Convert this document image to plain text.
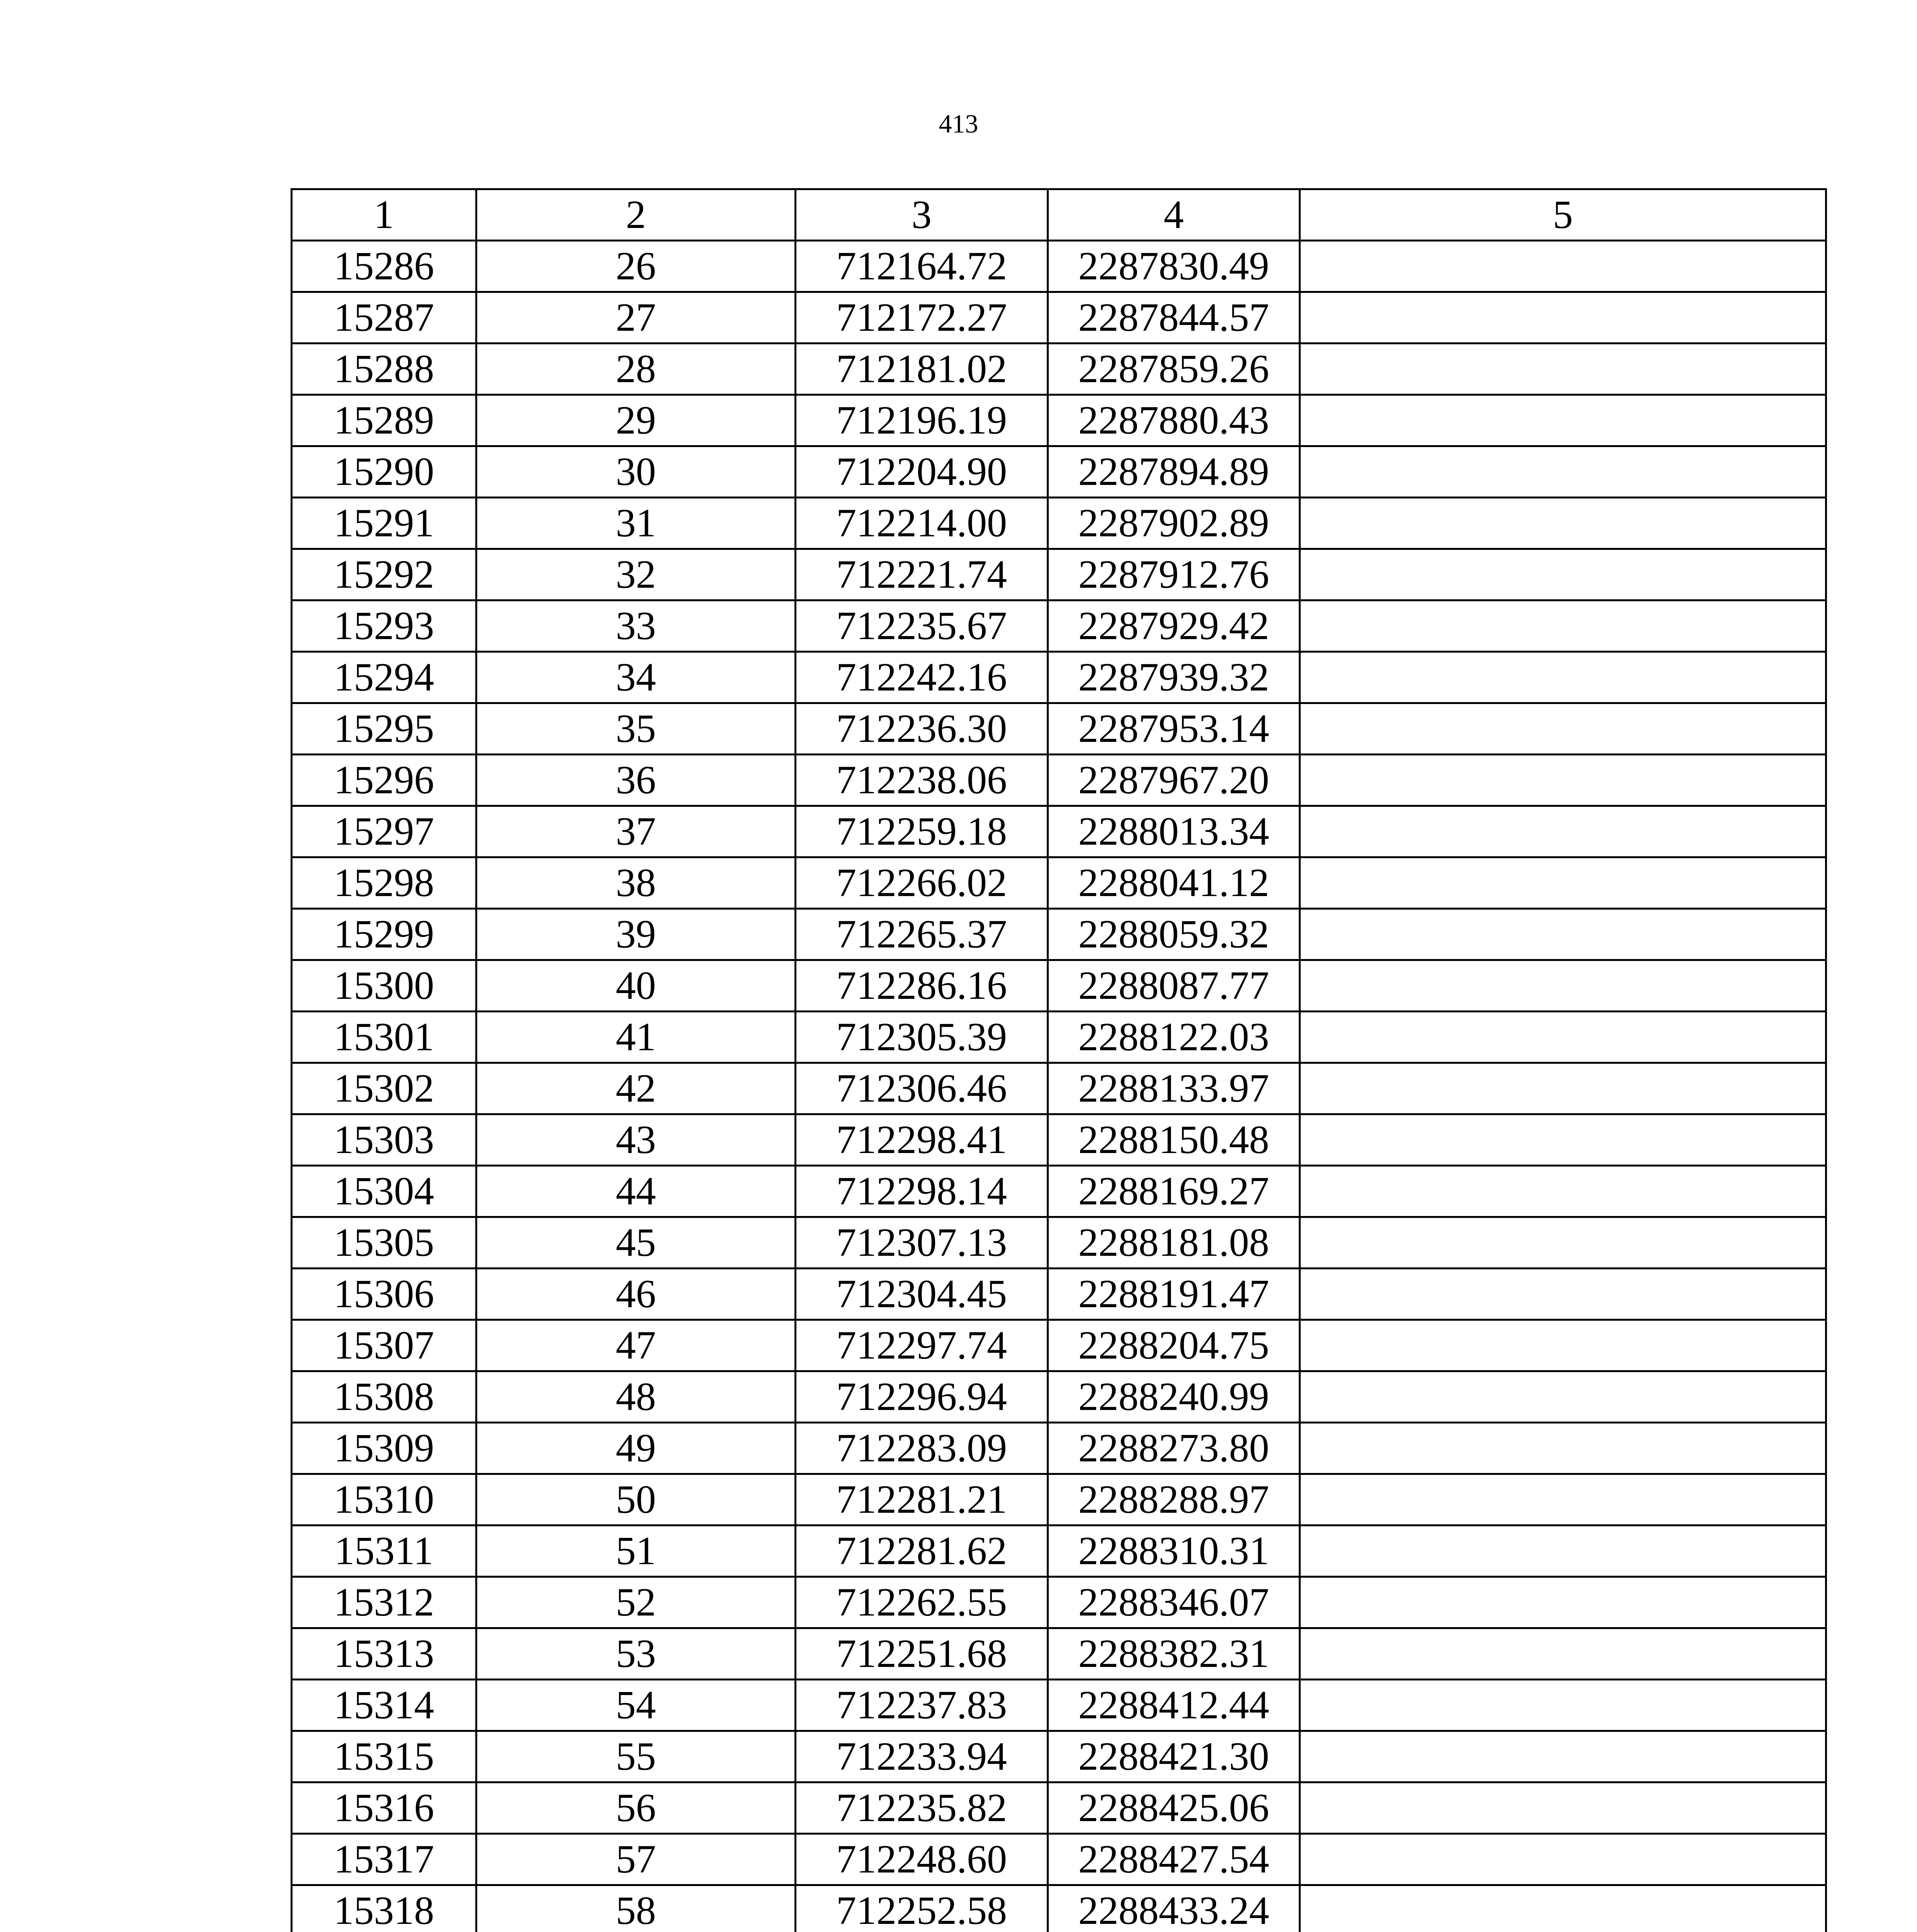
413
1	2	3	4	5
15286	26	712164.72	2287830.49	
15287	27	712172.27	2287844.57	
15288	28	712181.02	2287859.26	
15289	29	712196.19	2287880.43	
15290	30	712204.90	2287894.89	
15291	31	712214.00	2287902.89	
15292	32	712221.74	2287912.76	
15293	33	712235.67	2287929.42	
15294	34	712242.16	2287939.32	
15295	35	712236.30	2287953.14	
15296	36	712238.06	2287967.20	
15297	37	712259.18	2288013.34	
15298	38	712266.02	2288041.12	
15299	39	712265.37	2288059.32	
15300	40	712286.16	2288087.77	
15301	41	712305.39	2288122.03	
15302	42	712306.46	2288133.97	
15303	43	712298.41	2288150.48	
15304	44	712298.14	2288169.27	
15305	45	712307.13	2288181.08	
15306	46	712304.45	2288191.47	
15307	47	712297.74	2288204.75	
15308	48	712296.94	2288240.99	
15309	49	712283.09	2288273.80	
15310	50	712281.21	2288288.97	
15311	51	712281.62	2288310.31	
15312	52	712262.55	2288346.07	
15313	53	712251.68	2288382.31	
15314	54	712237.83	2288412.44	
15315	55	712233.94	2288421.30	
15316	56	712235.82	2288425.06	
15317	57	712248.60	2288427.54	
15318	58	712252.58	2288433.24	
